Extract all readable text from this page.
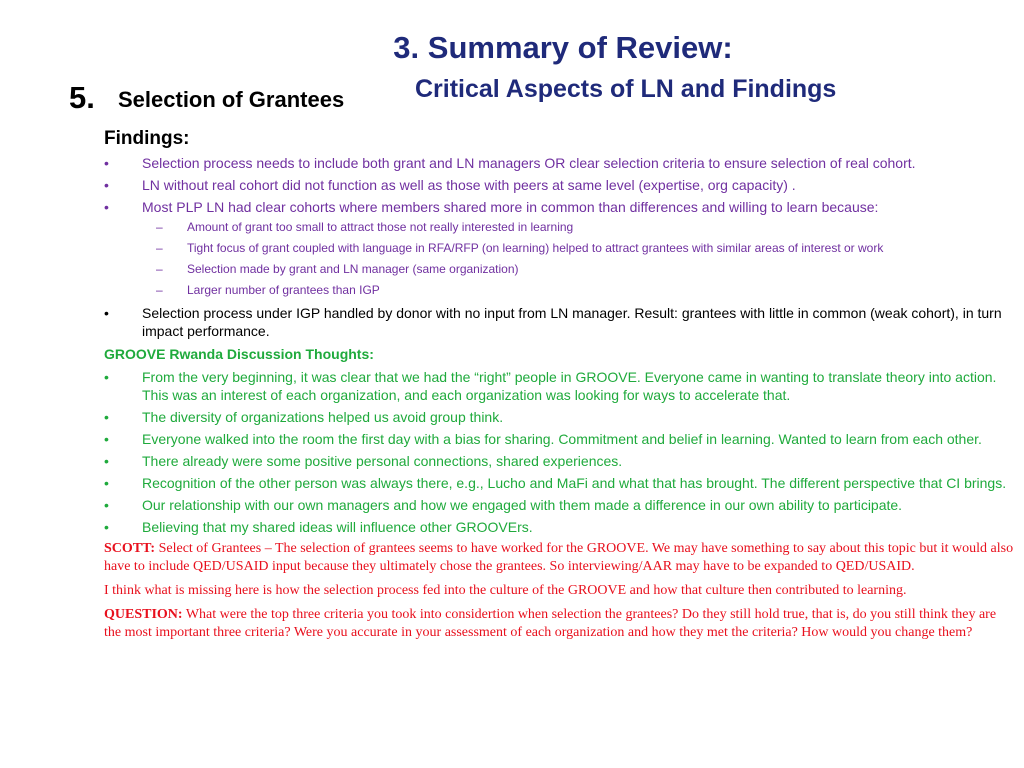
3. Summary of Review:
Critical Aspects of LN and Findings
5. Selection of Grantees
Findings:
• Selection process needs to include both grant and LN managers OR clear selection criteria to ensure selection of real cohort.
• LN without real cohort did not function as well as those with peers at same level (expertise, org capacity) .
• Most PLP LN had clear cohorts where members shared more in common than differences and willing to learn because:
– Amount of grant too small to attract those not really interested in learning
– Tight focus of grant coupled with language in RFA/RFP (on learning) helped to attract grantees with similar areas of interest or work
– Selection made by grant and LN manager (same organization)
– Larger number of grantees than IGP
• Selection process under IGP handled by donor with no input from LN manager. Result: grantees with little in common (weak cohort), in turn impact performance.
GROOVE Rwanda Discussion Thoughts:
• From the very beginning, it was clear that we had the “right” people in GROOVE. Everyone came in wanting to translate theory into action. This was an interest of each organization, and each organization was looking for ways to accelerate that.
• The diversity of organizations helped us avoid group think.
• Everyone walked into the room the first day with a bias for sharing. Commitment and belief in learning. Wanted to learn from each other.
• There already were some positive personal connections, shared experiences.
• Recognition of the other person was always there, e.g., Lucho and MaFi and what that has brought. The different perspective that CI brings.
• Our relationship with our own managers and how we engaged with them made a difference in our own ability to participate.
• Believing that my shared ideas will influence other GROOVErs.
SCOTT: Select of Grantees – The selection of grantees seems to have worked for the GROOVE. We may have something to say about this topic but it would also have to include QED/USAID input because they ultimately chose the grantees. So interviewing/AAR may have to be expanded to QED/USAID.
I think what is missing here is how the selection process fed into the culture of the GROOVE and how that culture then contributed to learning.
QUESTION: What were the top three criteria you took into considertion when selection the grantees? Do they still hold true, that is, do you still think they are the most important three criteria? Were you accurate in your assessment of each organization and how they met the criteria? How would you change them?
